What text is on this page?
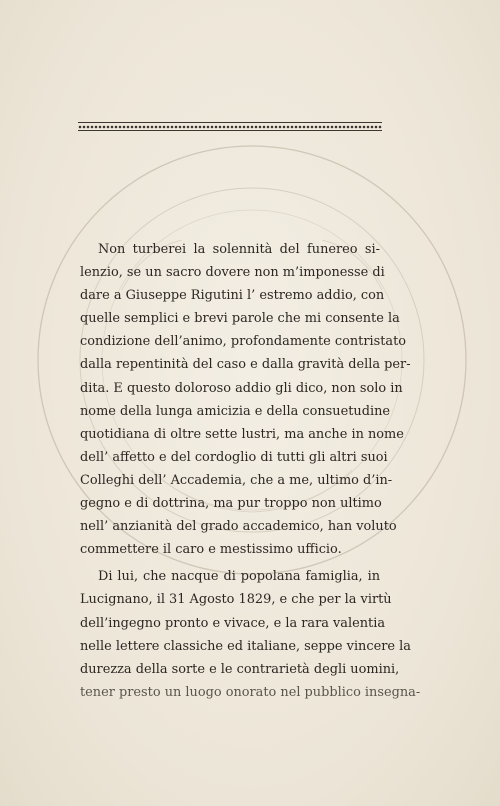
Non turberei la solennità del funereo si-
lenzio, se un sacro dovere non m’imponesse di
dare a Giuseppe Rigutini l’ estremo addio, con
quelle semplici e brevi parole che mi consente la
condizione dell’animo, profondamente contristato
dalla repentinità del caso e dalla gravità della per-
dita. E questo doloroso addio gli dico, non solo in
nome della lunga amicizia e della consuetudine
quotidiana di oltre sette lustri, ma anche in nome
dell’ affetto e del cordoglio di tutti gli altri suoi
Colleghi dell’ Accademia, che a me, ultimo d’in-
gegno e di dottrina, ma pur troppo non ultimo
nell’ anzianità del grado accademico, han voluto
commettere il caro e mestissimo ufficio.
Di lui, che nacque di popolana famiglia, in
Lucignano, il 31 Agosto 1829, e che per la virtù
dell’ingegno pronto e vivace, e la rara valentia
nelle lettere classiche ed italiane, seppe vincere la
durezza della sorte e le contrarietà degli uomini,
tener presto un luogo onorato nel pubblico insegna-
